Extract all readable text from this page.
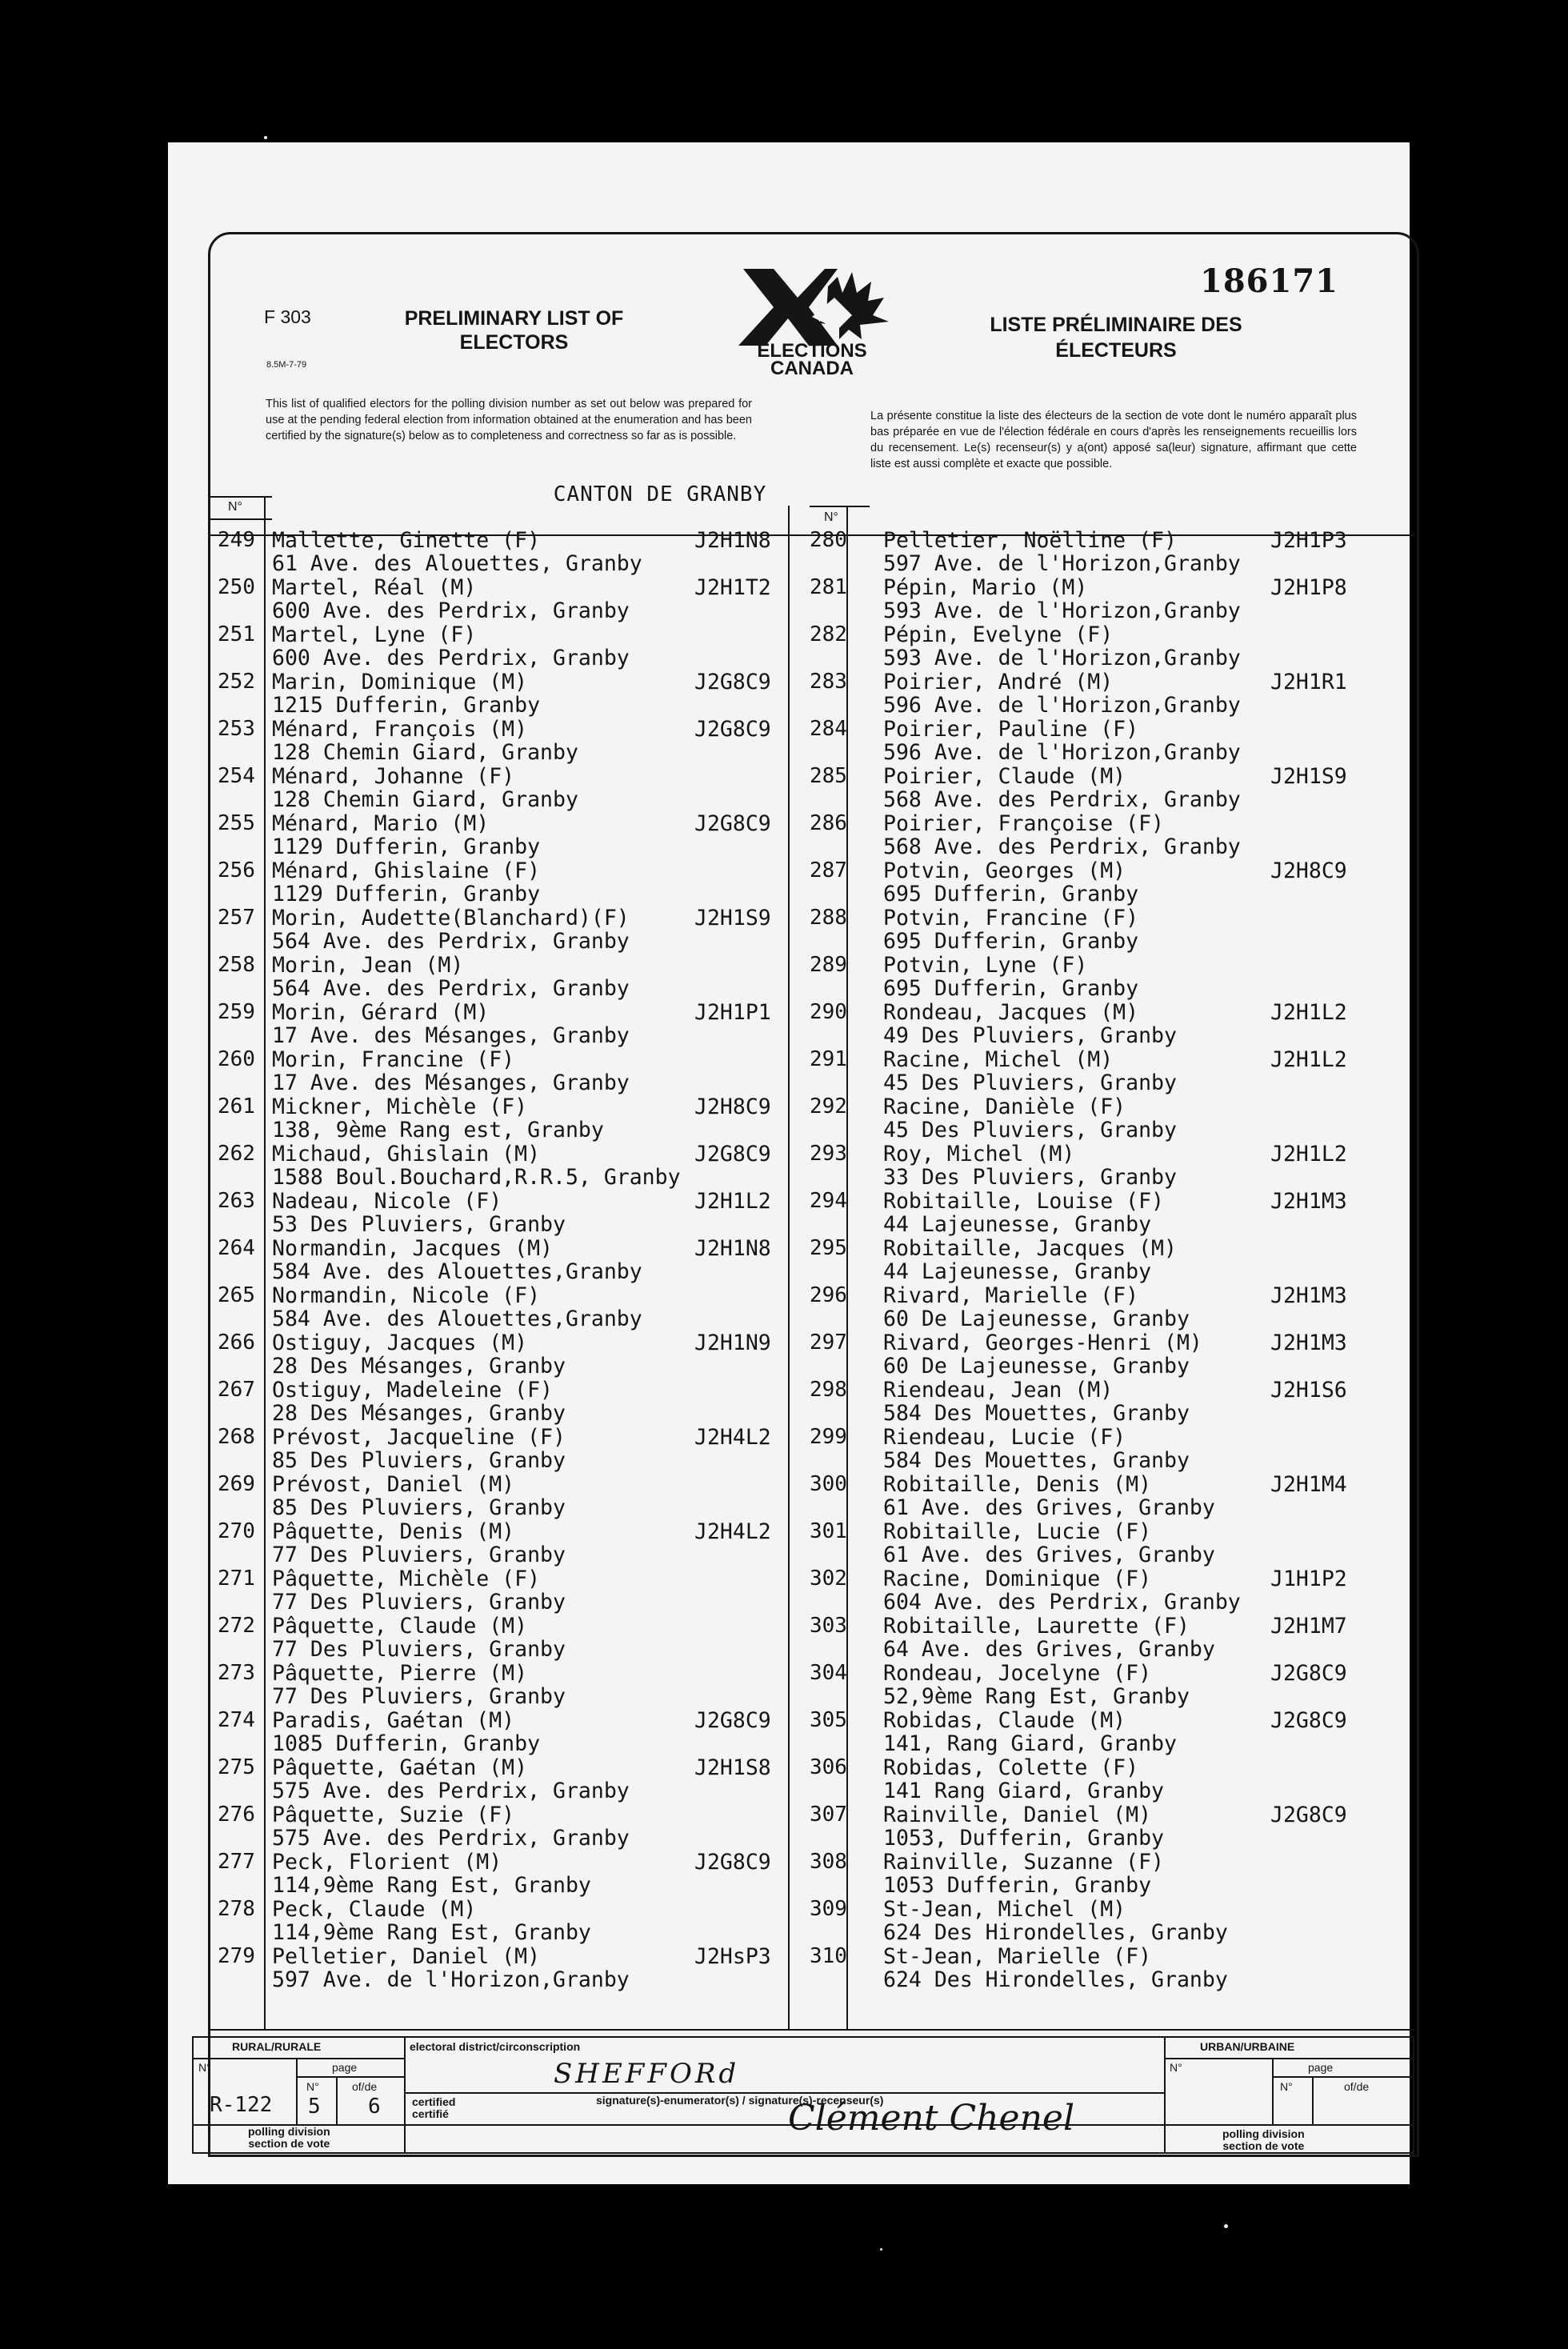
F 303
8.5M-7-79
PRELIMINARY LIST OF ELECTORS
LISTE PRÉLIMINAIRE DES ÉLECTEURS
186171
ELECTIONS
CANADA
This list of qualified electors for the polling division number as set out below was prepared for use at the pending federal election from information obtained at the enumeration and has been certified by the signature(s) below as to completeness and correctness so far as is possible.
La présente constitue la liste des électeurs de la section de vote dont le numéro apparaît plus bas préparée en vue de l'élection fédérale en cours d'après les renseignements recueillis lors du recensement. Le(s) recenseur(s) y a(ont) apposé sa(leur) signature, affirmant que cette liste est aussi complète et exacte que possible.
CANTON DE GRANBY
N°
N°
249 Mallette, Ginette (F)	J2H1N8
61 Ave. des Alouettes, Granby
250 Martel, Réal (M)	J2H1T2
600 Ave. des Perdrix, Granby
251 Martel, Lyne (F)
600 Ave. des Perdrix, Granby
252 Marin, Dominique (M)	J2G8C9
1215 Dufferin, Granby
253 Ménard, François (M)	J2G8C9
128 Chemin Giard, Granby
254 Ménard, Johanne (F)
128 Chemin Giard, Granby
255 Ménard, Mario (M)	J2G8C9
1129 Dufferin, Granby
256 Ménard, Ghislaine (F)
1129 Dufferin, Granby
257 Morin, Audette(Blanchard)(F)	J2H1S9
564 Ave. des Perdrix, Granby
258 Morin, Jean (M)
564 Ave. des Perdrix, Granby
259 Morin, Gérard (M)	J2H1P1
17 Ave. des Mésanges, Granby
260 Morin, Francine (F)
17 Ave. des Mésanges, Granby
261 Mickner, Michèle (F)	J2H8C9
138, 9ème Rang est, Granby
262 Michaud, Ghislain (M)	J2G8C9
1588 Boul.Bouchard,R.R.5, Granby
263 Nadeau, Nicole (F)	J2H1L2
53 Des Pluviers, Granby
264 Normandin, Jacques (M)	J2H1N8
584 Ave. des Alouettes,Granby
265 Normandin, Nicole (F)
584 Ave. des Alouettes,Granby
266 Ostiguy, Jacques (M)	J2H1N9
28 Des Mésanges, Granby
267 Ostiguy, Madeleine (F)
28 Des Mésanges, Granby
268 Prévost, Jacqueline (F)	J2H4L2
85 Des Pluviers, Granby
269 Prévost, Daniel (M)
85 Des Pluviers, Granby
270 Pâquette, Denis (M)	J2H4L2
77 Des Pluviers, Granby
271 Pâquette, Michèle (F)
77 Des Pluviers, Granby
272 Pâquette, Claude (M)
77 Des Pluviers, Granby
273 Pâquette, Pierre (M)
77 Des Pluviers, Granby
274 Paradis, Gaétan (M)	J2G8C9
1085 Dufferin, Granby
275 Pâquette, Gaétan (M)	J2H1S8
575 Ave. des Perdrix, Granby
276 Pâquette, Suzie (F)
575 Ave. des Perdrix, Granby
277 Peck, Florient (M)	J2G8C9
114,9ème Rang Est, Granby
278 Peck, Claude (M)
114,9ème Rang Est, Granby
279 Pelletier, Daniel (M)	J2HsP3
597 Ave. de l'Horizon,Granby
280 Pelletier, Noëlline (F)	J2H1P3
597 Ave. de l'Horizon,Granby
281 Pépin, Mario (M)	J2H1P8
593 Ave. de l'Horizon,Granby
282 Pépin, Evelyne (F)
593 Ave. de l'Horizon,Granby
283 Poirier, André (M)	J2H1R1
596 Ave. de l'Horizon,Granby
284 Poirier, Pauline (F)
596 Ave. de l'Horizon,Granby
285 Poirier, Claude (M)	J2H1S9
568 Ave. des Perdrix, Granby
286 Poirier, Françoise (F)
568 Ave. des Perdrix, Granby
287 Potvin, Georges (M)	J2H8C9
695 Dufferin, Granby
288 Potvin, Francine (F)
695 Dufferin, Granby
289 Potvin, Lyne (F)
695 Dufferin, Granby
290 Rondeau, Jacques (M)	J2H1L2
49 Des Pluviers, Granby
291 Racine, Michel (M)	J2H1L2
45 Des Pluviers, Granby
292 Racine, Danièle (F)
45 Des Pluviers, Granby
293 Roy, Michel (M)	J2H1L2
33 Des Pluviers, Granby
294 Robitaille, Louise (F)	J2H1M3
44 Lajeunesse, Granby
295 Robitaille, Jacques (M)
44 Lajeunesse, Granby
296 Rivard, Marielle (F)	J2H1M3
60 De Lajeunesse, Granby
297 Rivard, Georges-Henri (M)	J2H1M3
60 De Lajeunesse, Granby
298 Riendeau, Jean (M)	J2H1S6
584 Des Mouettes, Granby
299 Riendeau, Lucie (F)
584 Des Mouettes, Granby
300 Robitaille, Denis (M)	J2H1M4
61 Ave. des Grives, Granby
301 Robitaille, Lucie (F)
61 Ave. des Grives, Granby
302 Racine, Dominique (F)	J1H1P2
604 Ave. des Perdrix, Granby
303 Robitaille, Laurette (F)	J2H1M7
64 Ave. des Grives, Granby
304 Rondeau, Jocelyne (F)	J2G8C9
52,9ème Rang Est, Granby
305 Robidas, Claude (M)	J2G8C9
141, Rang Giard, Granby
306 Robidas, Colette (F)
141 Rang Giard, Granby
307 Rainville, Daniel (M)	J2G8C9
1053, Dufferin, Granby
308 Rainville, Suzanne (F)
1053 Dufferin, Granby
309 St-Jean, Michel (M)
624 Des Hirondelles, Granby
310 St-Jean, Marielle (F)
624 Des Hirondelles, Granby
RURAL/RURALE	URBAN/URBAINE
N°	page
N°	of/de
N°	page
N°	of/de
R-122 5 6
polling division
section de vote
polling division
section de vote
electoral district/circonscription
SHEFFORd
certified
certifié
signature(s)-enumerator(s) / signature(s)-recenseur(s)
Clément Chenel
